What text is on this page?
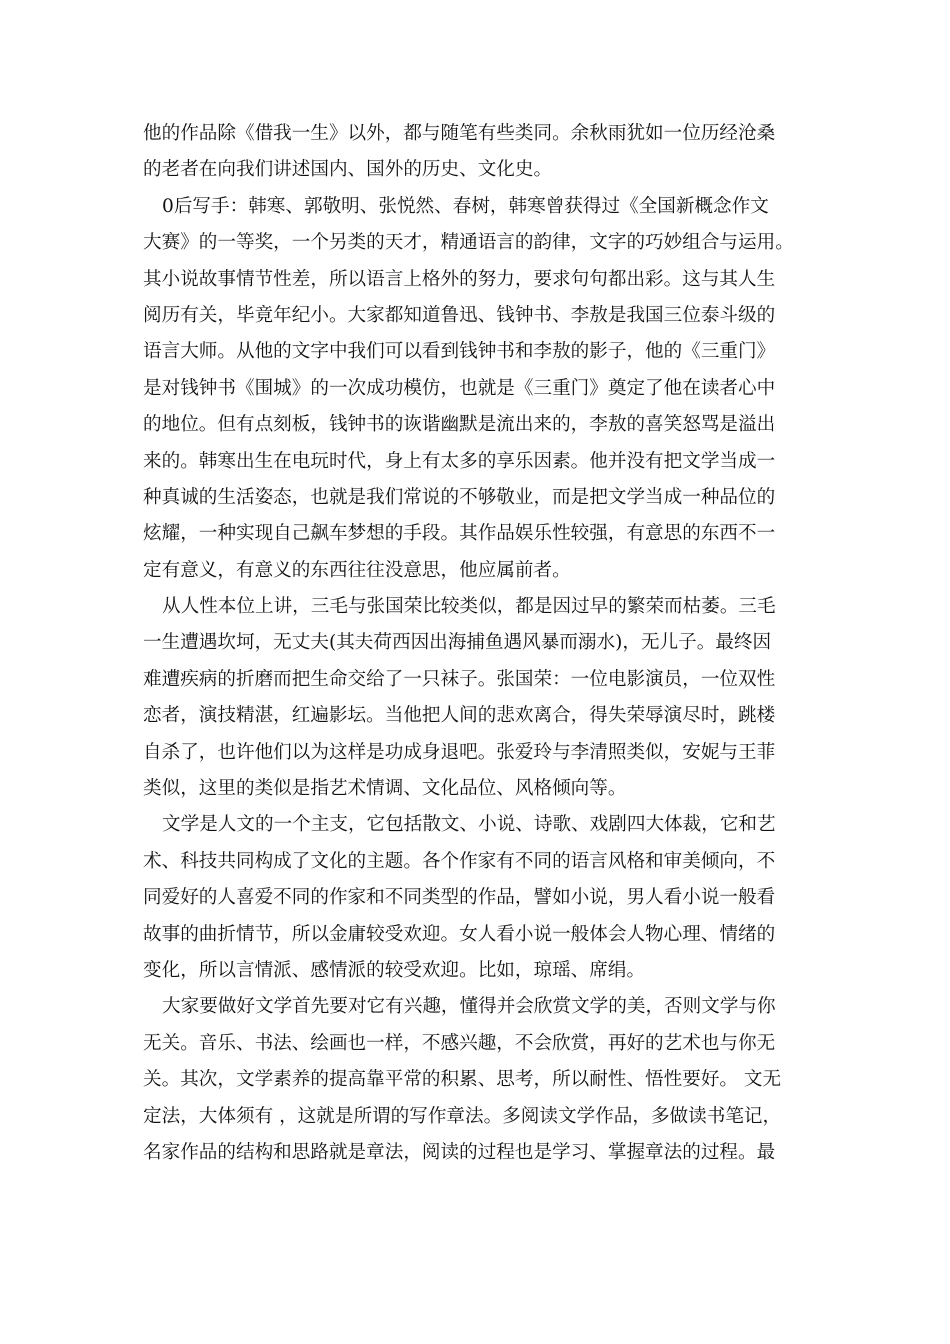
他的作品除《借我一生》以外，都与随笔有些类同。余秋雨犹如一位历经沧桑
的老者在向我们讲述国内、国外的历史、文化史。
0后写手：韩寒、郭敬明、张悦然、春树，韩寒曾获得过《全国新概念作文
大赛》的一等奖，一个另类的天才，精通语言的韵律，文字的巧妙组合与运用。
其小说故事情节性差，所以语言上格外的努力，要求句句都出彩。这与其人生
阅历有关，毕竟年纪小。大家都知道鲁迅、钱钟书、李敖是我国三位泰斗级的
语言大师。从他的文字中我们可以看到钱钟书和李敖的影子，他的《三重门》
是对钱钟书《围城》的一次成功模仿，也就是《三重门》奠定了他在读者心中
的地位。但有点刻板，钱钟书的诙谐幽默是流出来的，李敖的喜笑怒骂是溢出
来的。韩寒出生在电玩时代，身上有太多的享乐因素。他并没有把文学当成一
种真诚的生活姿态，也就是我们常说的不够敬业，而是把文学当成一种品位的
炫耀，一种实现自己飙车梦想的手段。其作品娱乐性较强，有意思的东西不一
定有意义，有意义的东西往往没意思，他应属前者。
从人性本位上讲，三毛与张国荣比较类似，都是因过早的繁荣而枯萎。三毛
一生遭遇坎坷，无丈夫(其夫荷西因出海捕鱼遇风暴而溺水)，无儿子。最终因
难遭疾病的折磨而把生命交给了一只袜子。张国荣：一位电影演员，一位双性
恋者，演技精湛，红遍影坛。当他把人间的悲欢离合，得失荣辱演尽时，跳楼
自杀了，也许他们以为这样是功成身退吧。张爱玲与李清照类似，安妮与王菲
类似，这里的类似是指艺术情调、文化品位、风格倾向等。
文学是人文的一个主支，它包括散文、小说、诗歌、戏剧四大体裁，它和艺
术、科技共同构成了文化的主题。各个作家有不同的语言风格和审美倾向，不
同爱好的人喜爱不同的作家和不同类型的作品，譬如小说，男人看小说一般看
故事的曲折情节，所以金庸较受欢迎。女人看小说一般体会人物心理、情绪的
变化，所以言情派、感情派的较受欢迎。比如，琼瑶、席绢。
大家要做好文学首先要对它有兴趣，懂得并会欣赏文学的美，否则文学与你
无关。音乐、书法、绘画也一样，不感兴趣，不会欣赏，再好的艺术也与你无
关。其次，文学素养的提高靠平常的积累、思考，所以耐性、悟性要好。 文无
定法，大体须有 ，这就是所谓的写作章法。多阅读文学作品，多做读书笔记，
名家作品的结构和思路就是章法，阅读的过程也是学习、掌握章法的过程。最
